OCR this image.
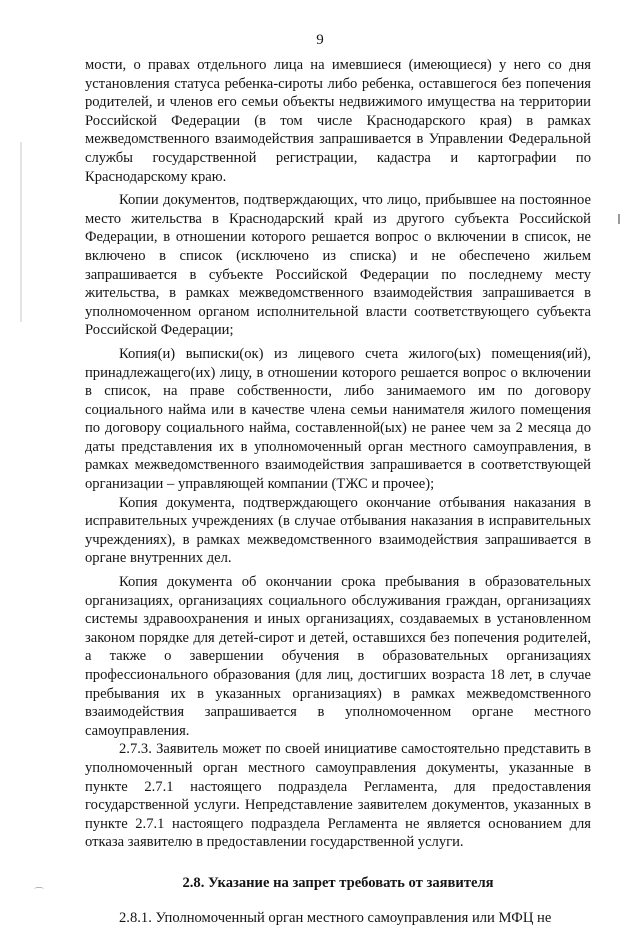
9
⌒

мости, о правах отдельного лица на имевшиеся (имеющиеся) у него со дня установления статуса ребенка-сироты либо ребенка, оставшегося без попечения родителей, и членов его семьи объекты недвижимого имущества на территории Российской Федерации (в том числе Краснодарского края) в рамках межведомственного взаимодействия запрашивается в Управлении Федеральной службы государственной регистрации, кадастра и картографии по Краснодарскому краю.

Копии документов, подтверждающих, что лицо, прибывшее на постоянное место жительства в Краснодарский край из другого субъекта Российской Федерации, в отношении которого решается вопрос о включении в список, не включено в список (исключено из списка) и не обеспечено жильем запрашивается в субъекте Российской Федерации по последнему месту жительства, в рамках межведомственного взаимодействия запрашивается в уполномоченном органом исполнительной власти соответствующего субъекта Российской Федерации;

Копия(и) выписки(ок) из лицевого счета жилого(ых) помещения(ий), принадлежащего(их) лицу, в отношении которого решается вопрос о включении в список, на праве собственности, либо занимаемого им по договору социального найма или в качестве члена семьи нанимателя жилого помещения по договору социального найма, составленной(ых) не ранее чем за 2 месяца до даты представления их в уполномоченный орган местного самоуправления, в рамках межведомственного взаимодействия запрашивается в соответствующей организации – управляющей компании (ТЖС и прочее);

Копия документа, подтверждающего окончание отбывания наказания в исправительных учреждениях (в случае отбывания наказания в исправительных учреждениях), в рамках межведомственного взаимодействия запрашивается в органе внутренних дел.

Копия документа об окончании срока пребывания в образовательных организациях, организациях социального обслуживания граждан, организациях системы здравоохранения и иных организациях, создаваемых в установленном законом порядке для детей-сирот и детей, оставшихся без попечения родителей, а также о завершении обучения в образовательных организациях профессионального образования (для лиц, достигших возраста 18 лет, в случае пребывания их в указанных организациях) в рамках межведомственного взаимодействия запрашивается в уполномоченном органе местного самоуправления.

2.7.3. Заявитель может по своей инициативе самостоятельно представить в уполномоченный орган местного самоуправления документы, указанные в пункте 2.7.1 настоящего подраздела Регламента, для предоставления государственной услуги. Непредставление заявителем документов, указанных в пункте 2.7.1 настоящего подраздела Регламента не является основанием для отказа заявителю в предоставлении государственной услуги.

2.8. Указание на запрет требовать от заявителя

2.8.1. Уполномоченный орган местного самоуправления или МФЦ не
